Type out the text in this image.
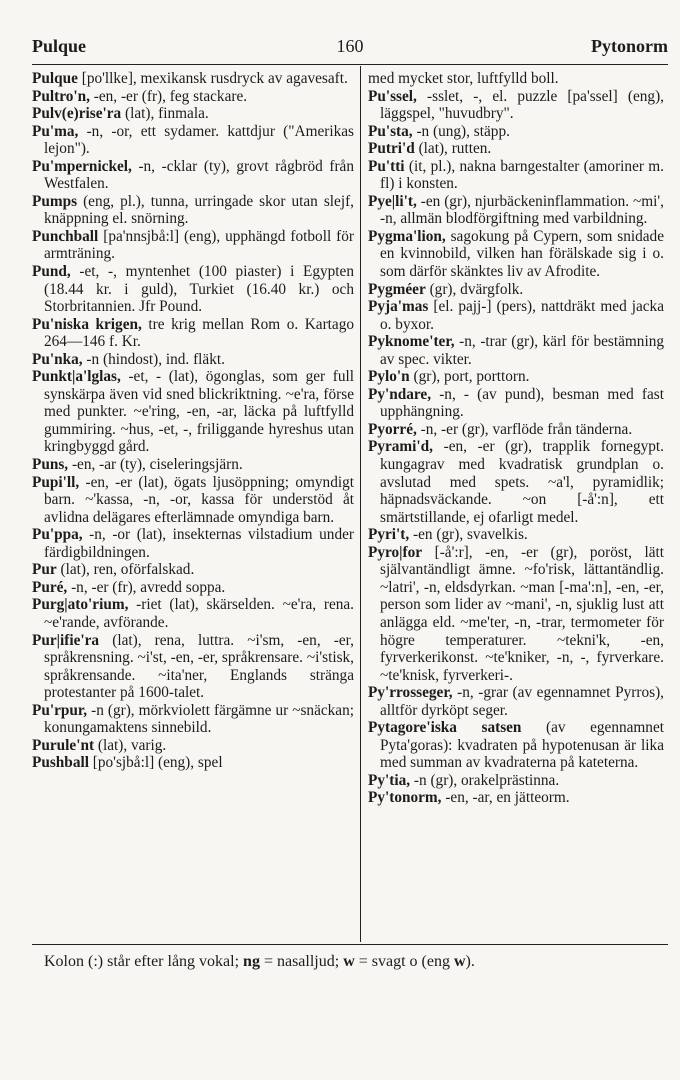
Pulque	160	Pytonorm

Pulque [po'llke], mexikansk rusdryck av agavesaft.

Pultro'n, -en, -er (fr), feg stackare.

Pulv(e)rise'ra (lat), finmala.

Pu'ma, -n, -or, ett sydamer. kattdjur ("Amerikas lejon").

Pu'mpernickel, -n, -cklar (ty), grovt rågbröd från Westfalen.

Pumps (eng, pl.), tunna, urringade skor utan slejf, knäppning el. snörning.

Punchball [pa'nnsjbå:l] (eng), upphängd fotboll för armträning.

Pund, -et, -, myntenhet (100 piaster) i Egypten (18.44 kr. i guld), Turkiet (16.40 kr.) och Storbritannien. Jfr Pound.

Pu'niska krigen, tre krig mellan Rom o. Kartago 264—146 f. Kr.

Pu'nka, -n (hindost), ind. fläkt.

Punkt|a'lglas, -et, - (lat), ögonglas, som ger full synskärpa även vid sned blickriktning. ~e'ra, förse med punkter. ~e'ring, -en, -ar, läcka på luftfylld gummiring. ~hus, -et, -, friliggande hyreshus utan kringbyggd gård.

Puns, -en, -ar (ty), ciseleringsjärn.

Pupi'll, -en, -er (lat), ögats ljusöppning; omyndigt barn. ~'kassa, -n, -or, kassa för understöd åt avlidna delägares efterlämnade omyndiga barn.

Pu'ppa, -n, -or (lat), insekternas vilstadium under färdigbildningen.

Pur (lat), ren, oförfalskad.

Puré, -n, -er (fr), avredd soppa.

Purg|ato'rium, -riet (lat), skärselden. ~e'ra, rena. ~e'rande, avförande.

Pur|ifie'ra (lat), rena, luttra. ~i'sm, -en, -er, språkrensning. ~i'st, -en, -er, språkrensare. ~i'stisk, språkrensande. ~ita'ner, Englands stränga protestanter på 1600-talet.

Pu'rpur, -n (gr), mörkviolett färgämne ur ~snäckan; konungamaktens sinnebild.

Purule'nt (lat), varig.

Pushball [po'sjbå:l] (eng), spel

med mycket stor, luftfylld boll.

Pu'ssel, -sslet, -, el. puzzle [pa'ssel] (eng), läggspel, "huvudbry".

Pu'sta, -n (ung), stäpp.

Putri'd (lat), rutten.

Pu'tti (it, pl.), nakna barngestalter (amoriner m. fl) i konsten.

Pye|li't, -en (gr), njurbäckeninflammation. ~mi', -n, allmän blodförgiftning med varbildning.

Pygma'lion, sagokung på Cypern, som snidade en kvinnobild, vilken han förälskade sig i o. som därför skänktes liv av Afrodite.

Pygméer (gr), dvärgfolk.

Pyja'mas [el. pajj-] (pers), nattdräkt med jacka o. byxor.

Pyknome'ter, -n, -trar (gr), kärl för bestämning av spec. vikter.

Pylo'n (gr), port, porttorn.

Py'ndare, -n, - (av pund), besman med fast upphängning.

Pyorré, -n, -er (gr), varflöde från tänderna.

Pyrami'd, -en, -er (gr), trapplik fornegypt. kungagrav med kvadratisk grundplan o. avslutad med spets. ~a'l, pyramidlik; häpnadsväckande. ~on [-å':n], ett smärtstillande, ej ofarligt medel.

Pyri't, -en (gr), svavelkis.

Pyro|for [-å':r], -en, -er (gr), poröst, lätt självantändligt ämne. ~fo'risk, lättantändlig. ~latri', -n, eldsdyrkan. ~man [-ma':n], -en, -er, person som lider av ~mani', -n, sjuklig lust att anlägga eld. ~me'ter, -n, -trar, termometer för högre temperaturer. ~tekni'k, -en, fyrverkerikonst. ~te'kniker, -n, -, fyrverkare. ~te'knisk, fyrverkeri-.

Py'rrosseger, -n, -grar (av egennamnet Pyrros), alltför dyrköpt seger.

Pytagore'iska satsen (av egennamnet Pyta'goras): kvadraten på hypotenusan är lika med summan av kvadraterna på kateterna.

Py'tia, -n (gr), orakelprästinna.

Py'tonorm, -en, -ar, en jätteorm.

Kolon (:) står efter lång vokal; ng = nasalljud; w = svagt o (eng w).
